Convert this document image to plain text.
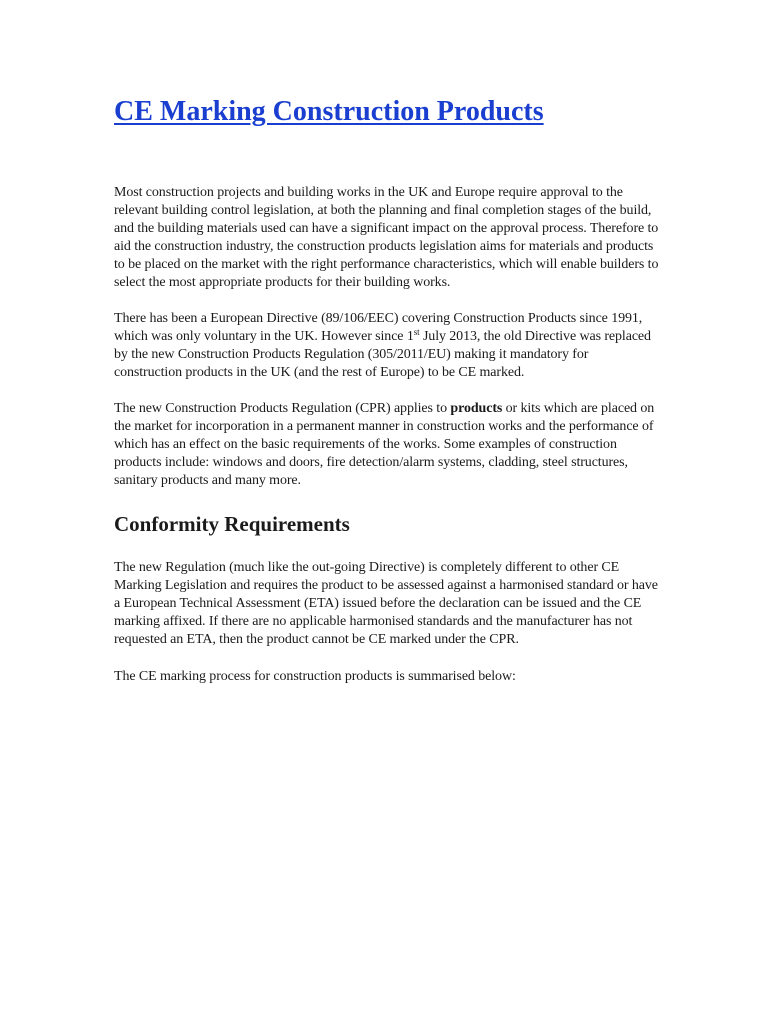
CE Marking Construction Products

Most construction projects and building works in the UK and Europe require approval to the relevant building control legislation, at both the planning and final completion stages of the build, and the building materials used can have a significant impact on the approval process. Therefore to aid the construction industry, the construction products legislation aims for materials and products to be placed on the market with the right performance characteristics, which will enable builders to select the most appropriate products for their building works.

There has been a European Directive (89/106/EEC) covering Construction Products since 1991, which was only voluntary in the UK. However since 1st July 2013, the old Directive was replaced by the new Construction Products Regulation (305/2011/EU) making it mandatory for construction products in the UK (and the rest of Europe) to be CE marked.

The new Construction Products Regulation (CPR) applies to products or kits which are placed on the market for incorporation in a permanent manner in construction works and the performance of which has an effect on the basic requirements of the works. Some examples of construction products include: windows and doors, fire detection/alarm systems, cladding, steel structures, sanitary products and many more.

Conformity Requirements

The new Regulation (much like the out-going Directive) is completely different to other CE Marking Legislation and requires the product to be assessed against a harmonised standard or have a European Technical Assessment (ETA) issued before the declaration can be issued and the CE marking affixed. If there are no applicable harmonised standards and the manufacturer has not requested an ETA, then the product cannot be CE marked under the CPR.

The CE marking process for construction products is summarised below:
